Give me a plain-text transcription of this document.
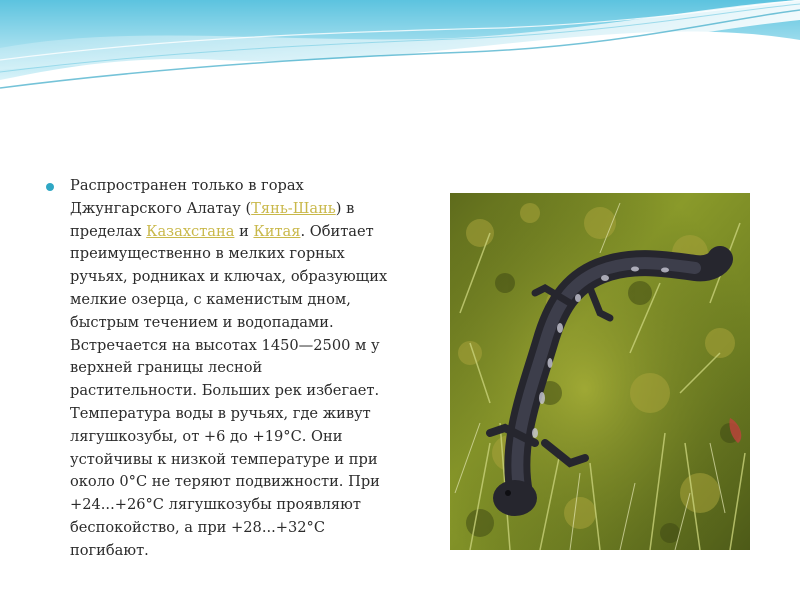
Распространен только в горах Джунгарского Алатау (Тянь-Шань) в пределах Казахстана и Китая. Обитает преимущественно в мелких горных ручьях, родниках и ключах, образующих мелкие озерца, с каменистым дном, быстрым течением и водопадами. Встречается на высотах 1450—2500 м у верхней границы лесной растительности. Больших рек избегает. Температура воды в ручьях, где живут лягушкозубы, от +6 до +19°С. Они устойчивы к низкой температуре и при около 0°С не теряют подвижности. При +24...+26°С лягушкозубы проявляют беспокойство, а при +28...+32°С погибают.
